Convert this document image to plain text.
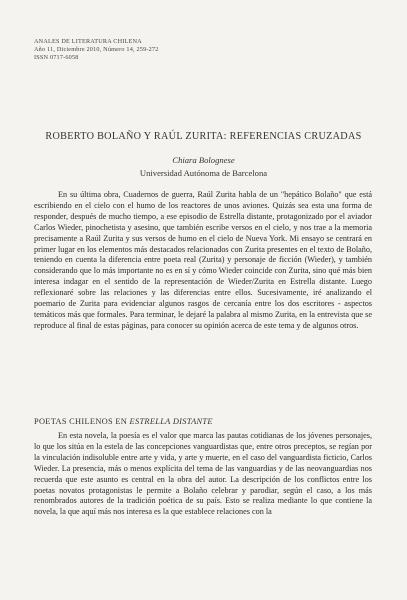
ANALES DE LITERATURA CHILENA
Año 11, Diciembre 2010, Número 14, 259-272
ISSN 0717-6058
ROBERTO BOLAÑO Y RAÚL ZURITA: REFERENCIAS CRUZADAS
Chiara Bolognese
Universidad Autónoma de Barcelona

En su última obra, Cuadernos de guerra, Raúl Zurita habla de un "hepático Bolaño" que está escribiendo en el cielo con el humo de los reactores de unos aviones. Quizás sea esta una forma de responder, después de mucho tiempo, a ese episodio de Estrella distante, protagonizado por el aviador Carlos Wieder, pinochetista y asesino, que también escribe versos en el cielo, y nos trae a la memoria precisamente a Raúl Zurita y sus versos de humo en el cielo de Nueva York. Mi ensayo se centrará en primer lugar en los elementos más destacados relacionados con Zurita presentes en el texto de Bolaño, teniendo en cuenta la diferencia entre poeta real (Zurita) y personaje de ficción (Wieder), y también considerando que lo más importante no es en sí y cómo Wieder coincide con Zurita, sino qué más bien interesa indagar en el sentido de la representación de Wieder/Zurita en Estrella distante. Luego reflexionaré sobre las relaciones y las diferencias entre ellos. Sucesivamente, iré analizando el poemario de Zurita para evidenciar algunos rasgos de cercanía entre los dos escritores - aspectos temáticos más que formales. Para terminar, le dejaré la palabra al mismo Zurita, en la entrevista que se reproduce al final de estas páginas, para conocer su opinión acerca de este tema y de algunos otros.

POETAS CHILENOS EN ESTRELLA DISTANTE

En esta novela, la poesía es el valor que marca las pautas cotidianas de los jóvenes personajes, lo que los sitúa en la estela de las concepciones vanguardistas que, entre otros preceptos, se regían por la vinculación indisoluble entre arte y vida, y arte y muerte, en el caso del vanguardista ficticio, Carlos Wieder. La presencia, más o menos explícita del tema de las vanguardias y de las neovanguardias nos recuerda que este asunto es central en la obra del autor. La descripción de los conflictos entre los poetas novatos protagonistas le permite a Bolaño celebrar y parodiar, según el caso, a los más renombrados autores de la tradición poética de su país. Esto se realiza mediante lo que contiene la novela, la que aquí más nos interesa es la que establece relaciones con la
